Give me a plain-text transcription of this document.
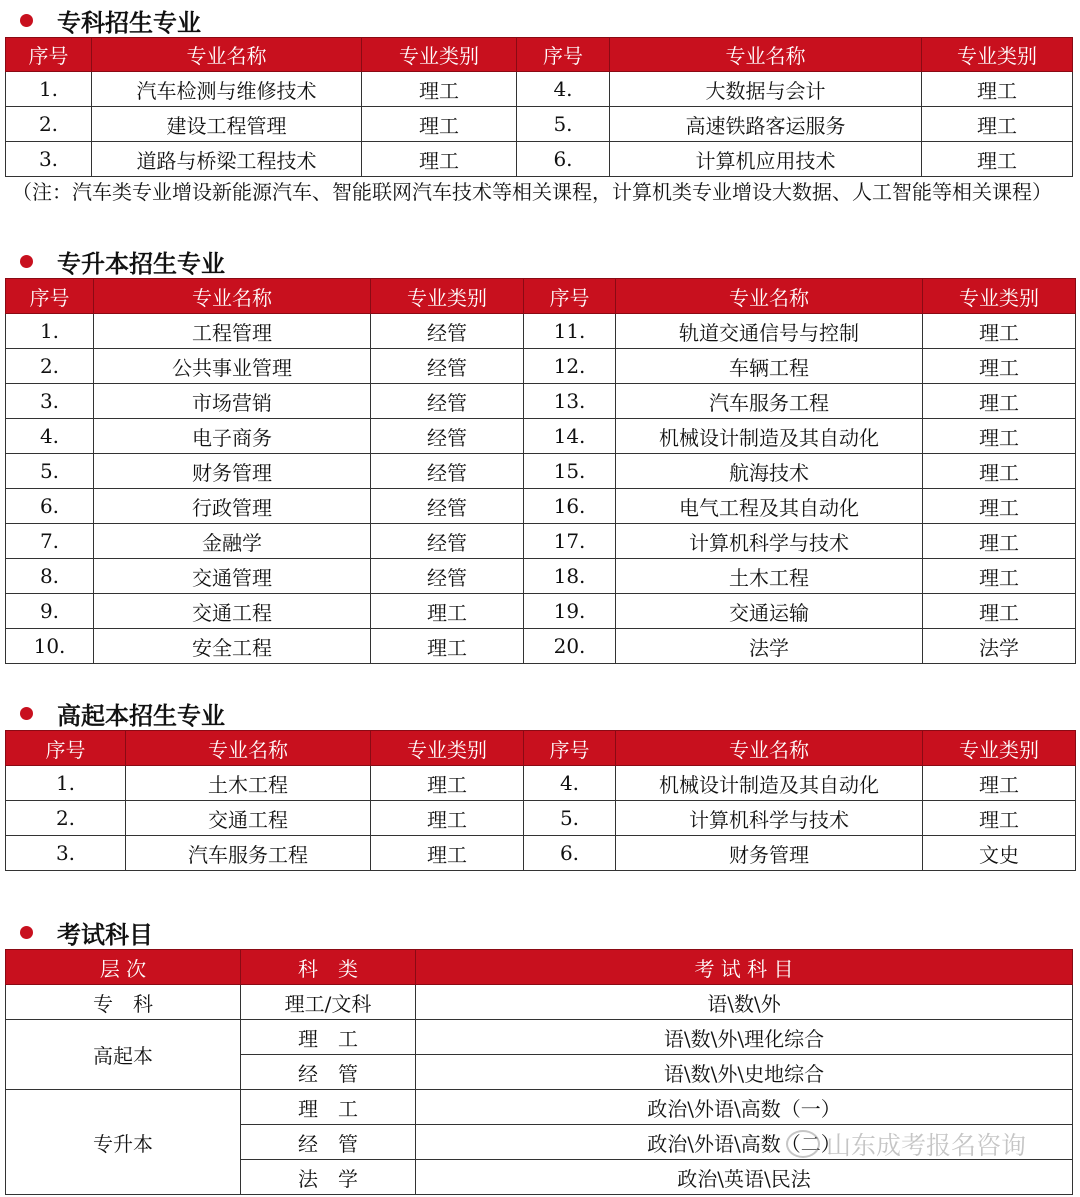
专科招生专业
序号	专业名称	专业类别	序号	专业名称	专业类别
1.	汽车检测与维修技术	理工	4.	大数据与会计	理工
2.	建设工程管理	理工	5.	高速铁路客运服务	理工
3.	道路与桥梁工程技术	理工	6.	计算机应用技术	理工
（注：汽车类专业增设新能源汽车、智能联网汽车技术等相关课程，计算机类专业增设大数据、人工智能等相关课程）
专升本招生专业
序号	专业名称	专业类别	序号	专业名称	专业类别
1.	工程管理	经管	11.	轨道交通信号与控制	理工
2.	公共事业管理	经管	12.	车辆工程	理工
3.	市场营销	经管	13.	汽车服务工程	理工
4.	电子商务	经管	14.	机械设计制造及其自动化	理工
5.	财务管理	经管	15.	航海技术	理工
6.	行政管理	经管	16.	电气工程及其自动化	理工
7.	金融学	经管	17.	计算机科学与技术	理工
8.	交通管理	经管	18.	土木工程	理工
9.	交通工程	理工	19.	交通运输	理工
10.	安全工程	理工	20.	法学	法学
高起本招生专业
序号	专业名称	专业类别	序号	专业名称	专业类别
1.	土木工程	理工	4.	机械设计制造及其自动化	理工
2.	交通工程	理工	5.	计算机科学与技术	理工
3.	汽车服务工程	理工	6.	财务管理	文史
考试科目
层 次	科　类	考 试 科 目
专　科	理工/文科	语\数\外
高起本	理　工	语\数\外\理化综合
	经　管	语\数\外\史地综合
专升本	理　工	政治\外语\高数（一）
	经　管	政治\外语\高数（二）
	法　学	政治\英语\民法
山东成考报名咨询
